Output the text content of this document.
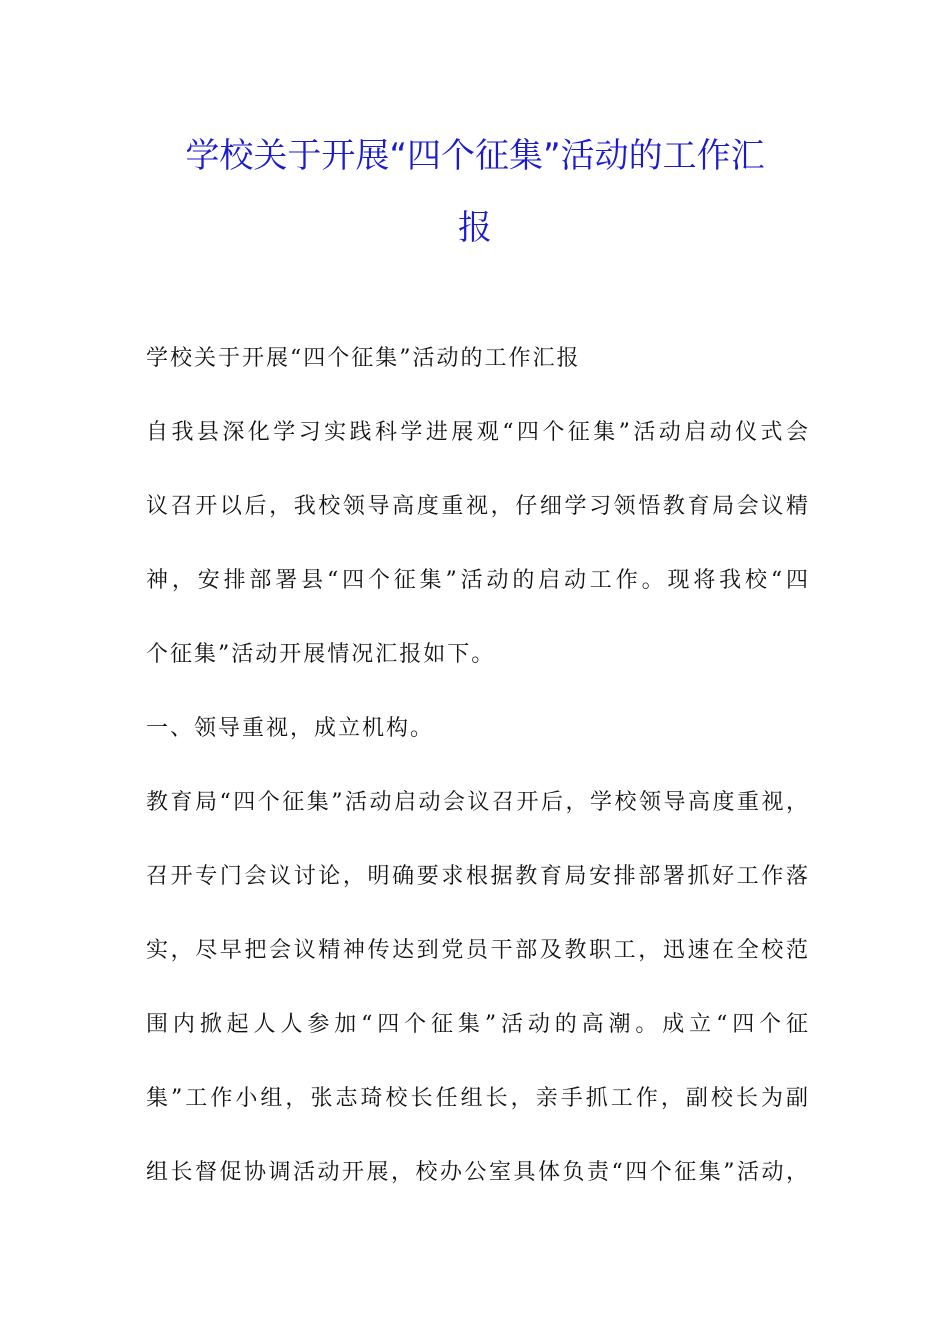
学校关于开展“四个征集”活动的工作汇
报
学校关于开展“四个征集”活动的工作汇报
自我县深化学习实践科学进展观“四个征集”活动启动仪式会
议召开以后，我校领导高度重视，仔细学习领悟教育局会议精
神，安排部署县“四个征集”活动的启动工作。现将我校“四
个征集”活动开展情况汇报如下。
一、领导重视，成立机构。
教育局“四个征集”活动启动会议召开后，学校领导高度重视，
召开专门会议讨论，明确要求根据教育局安排部署抓好工作落
实，尽早把会议精神传达到党员干部及教职工，迅速在全校范
围内掀起人人参加“四个征集”活动的高潮。成立“四个征
集”工作小组，张志琦校长任组长，亲手抓工作，副校长为副
组长督促协调活动开展，校办公室具体负责“四个征集”活动，
